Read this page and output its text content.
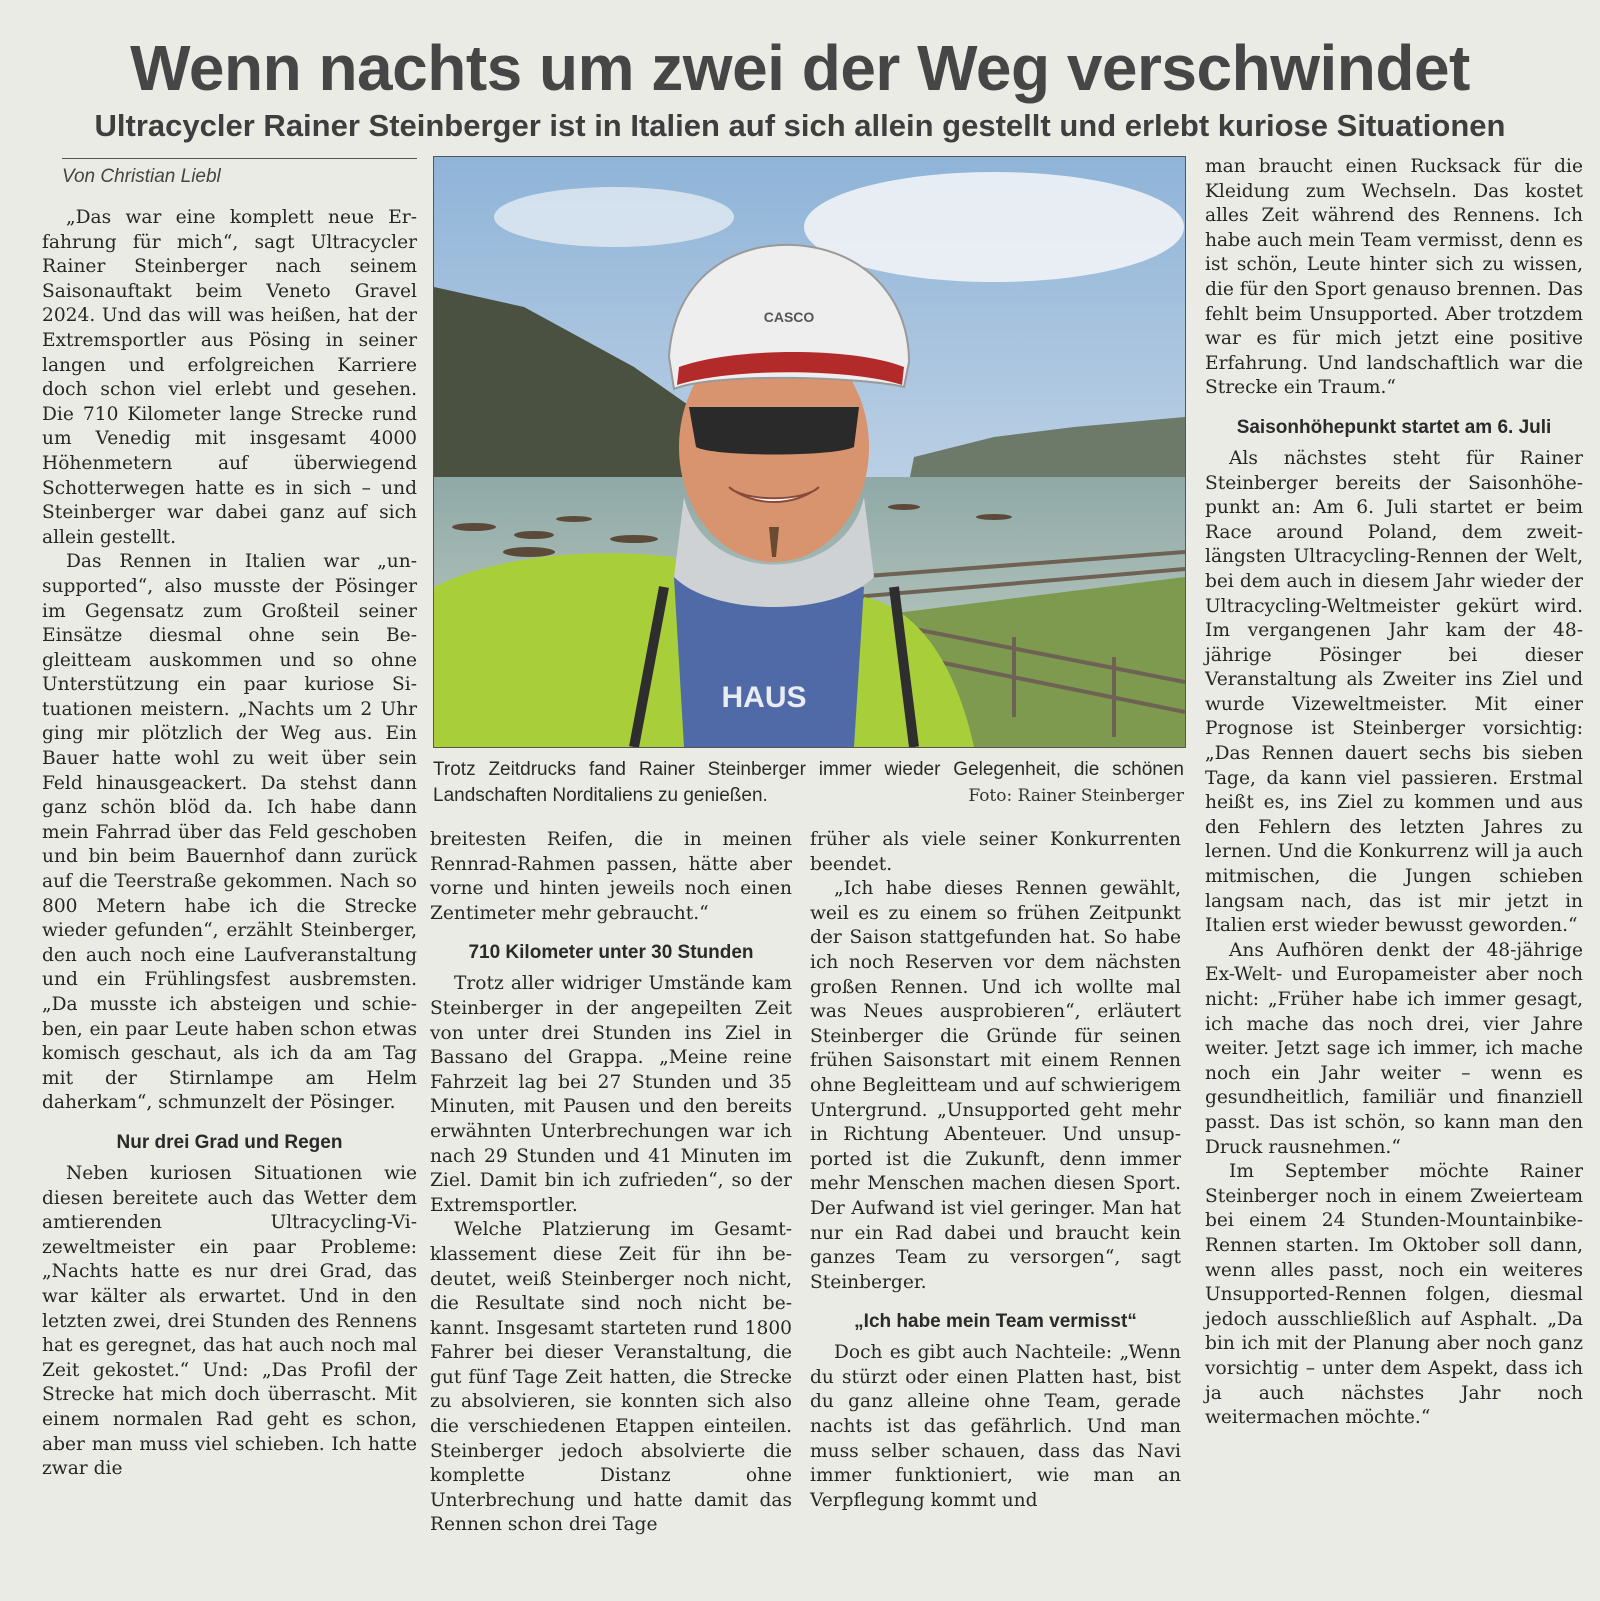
Wenn nachts um zwei der Weg verschwindet
Ultracycler Rainer Steinberger ist in Italien auf sich allein gestellt und erlebt kuriose Situationen
Von Christian Liebl

„Das war eine komplett neue Erfahrung für mich“, sagt Ultracycler Rainer Steinberger nach seinem Saisonauftakt beim Veneto Gravel 2024. Und das will was heißen, hat der Extremsportler aus Pösing in seiner langen und erfolgreichen Karriere doch schon viel erlebt und gesehen. Die 710 Kilometer lange Strecke rund um Venedig mit insgesamt 4000 Höhenmetern auf überwiegend Schotterwegen hatte es in sich – und Steinberger war dabei ganz auf sich allein gestellt.

Das Rennen in Italien war „unsupported“, also musste der Pösinger im Gegensatz zum Großteil seiner Einsätze diesmal ohne sein Begleitteam auskommen und so ohne Unterstützung ein paar kuriose Situationen meistern. „Nachts um 2 Uhr ging mir plötzlich der Weg aus. Ein Bauer hatte wohl zu weit über sein Feld hinausgeackert. Da stehst dann ganz schön blöd da. Ich habe dann mein Fahrrad über das Feld geschoben und bin beim Bauernhof dann zurück auf die Teerstraße gekommen. Nach so 800 Metern habe ich die Strecke wieder gefunden“, erzählt Steinberger, den auch noch eine Laufveranstaltung und ein Frühlingsfest ausbremsten. „Da musste ich absteigen und schieben, ein paar Leute haben schon etwas komisch geschaut, als ich da am Tag mit der Stirnlampe am Helm daherkam“, schmunzelt der Pösinger.

Nur drei Grad und Regen

Neben kuriosen Situationen wie diesen bereitete auch das Wetter dem amtierenden Ultracycling-Vizeweltmeister ein paar Probleme: „Nachts hatte es nur drei Grad, das war kälter als erwartet. Und in den letzten zwei, drei Stunden des Rennens hat es geregnet, das hat auch noch mal Zeit gekostet.“ Und: „Das Profil der Strecke hat mich doch überrascht. Mit einem normalen Rad geht es schon, aber man muss viel schieben. Ich hatte zwar die

HAUS
CASCO
Trotz Zeitdrucks fand Rainer Steinberger immer wieder Gelegenheit, die schönen Landschaften Norditaliens zu genießen.	Foto: Rainer Steinberger

breitesten Reifen, die in meinen Rennrad-Rahmen passen, hätte aber vorne und hinten jeweils noch einen Zentimeter mehr gebraucht.“

710 Kilometer unter 30 Stunden

Trotz aller widriger Umstände kam Steinberger in der angepeilten Zeit von unter drei Stunden ins Ziel in Bassano del Grappa. „Meine reine Fahrzeit lag bei 27 Stunden und 35 Minuten, mit Pausen und den bereits erwähnten Unterbrechungen war ich nach 29 Stunden und 41 Minuten im Ziel. Damit bin ich zufrieden“, so der Extremsportler.

Welche Platzierung im Gesamtklassement diese Zeit für ihn bedeutet, weiß Steinberger noch nicht, die Resultate sind noch nicht bekannt. Insgesamt starteten rund 1800 Fahrer bei dieser Veranstaltung, die gut fünf Tage Zeit hatten, die Strecke zu absolvieren, sie konnten sich also die verschiedenen Etappen einteilen. Steinberger jedoch absolvierte die komplette Distanz ohne Unterbrechung und hatte damit das Rennen schon drei Tage

früher als viele seiner Konkurrenten beendet.

„Ich habe dieses Rennen gewählt, weil es zu einem so frühen Zeitpunkt der Saison stattgefunden hat. So habe ich noch Reserven vor dem nächsten großen Rennen. Und ich wollte mal was Neues ausprobieren“, erläutert Steinberger die Gründe für seinen frühen Saisonstart mit einem Rennen ohne Begleitteam und auf schwierigem Untergrund. „Unsupported geht mehr in Richtung Abenteuer. Und unsupported ist die Zukunft, denn immer mehr Menschen machen diesen Sport. Der Aufwand ist viel geringer. Man hat nur ein Rad dabei und braucht kein ganzes Team zu versorgen“, sagt Steinberger.

„Ich habe mein Team vermisst“

Doch es gibt auch Nachteile: „Wenn du stürzt oder einen Platten hast, bist du ganz alleine ohne Team, gerade nachts ist das gefährlich. Und man muss selber schauen, dass das Navi immer funktioniert, wie man an Verpflegung kommt und

man braucht einen Rucksack für die Kleidung zum Wechseln. Das kostet alles Zeit während des Rennens. Ich habe auch mein Team vermisst, denn es ist schön, Leute hinter sich zu wissen, die für den Sport genauso brennen. Das fehlt beim Unsupported. Aber trotzdem war es für mich jetzt eine positive Erfahrung. Und landschaftlich war die Strecke ein Traum.“

Saisonhöhepunkt startet am 6. Juli

Als nächstes steht für Rainer Steinberger bereits der Saisonhöhepunkt an: Am 6. Juli startet er beim Race around Poland, dem zweitlängsten Ultracycling-Rennen der Welt, bei dem auch in diesem Jahr wieder der Ultracycling-Weltmeister gekürt wird. Im vergangenen Jahr kam der 48-jährige Pösinger bei dieser Veranstaltung als Zweiter ins Ziel und wurde Vizeweltmeister. Mit einer Prognose ist Steinberger vorsichtig: „Das Rennen dauert sechs bis sieben Tage, da kann viel passieren. Erstmal heißt es, ins Ziel zu kommen und aus den Fehlern des letzten Jahres zu lernen. Und die Konkurrenz will ja auch mitmischen, die Jungen schieben langsam nach, das ist mir jetzt in Italien erst wieder bewusst geworden.“

Ans Aufhören denkt der 48-jährige Ex-Welt- und Europameister aber noch nicht: „Früher habe ich immer gesagt, ich mache das noch drei, vier Jahre weiter. Jetzt sage ich immer, ich mache noch ein Jahr weiter – wenn es gesundheitlich, familiär und finanziell passt. Das ist schön, so kann man den Druck rausnehmen.“

Im September möchte Rainer Steinberger noch in einem Zweierteam bei einem 24 Stunden-Mountainbike-Rennen starten. Im Oktober soll dann, wenn alles passt, noch ein weiteres Unsupported-Rennen folgen, diesmal jedoch ausschließlich auf Asphalt. „Da bin ich mit der Planung aber noch ganz vorsichtig – unter dem Aspekt, dass ich ja auch nächstes Jahr noch weitermachen möchte.“
